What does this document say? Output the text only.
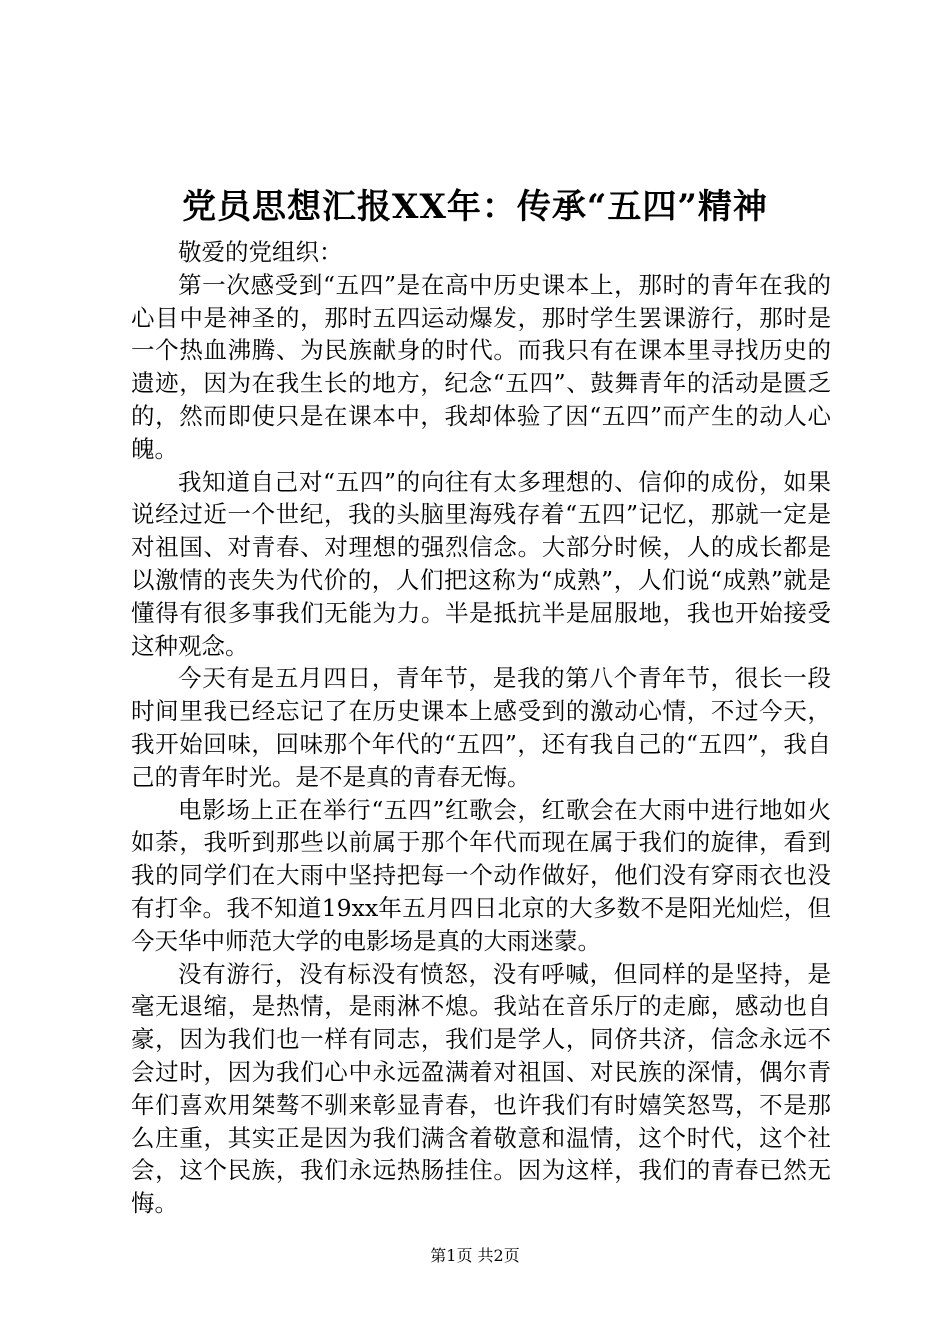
党员思想汇报XX年：传承“五四”精神

敬爱的党组织：

第一次感受到“五四”是在高中历史课本上，那时的青年在我的心目中是神圣的，那时五四运动爆发，那时学生罢课游行，那时是一个热血沸腾、为民族献身的时代。而我只有在课本里寻找历史的遗迹，因为在我生长的地方，纪念“五四”、鼓舞青年的活动是匮乏的，然而即使只是在课本中，我却体验了因“五四”而产生的动人心魄。

我知道自己对“五四”的向往有太多理想的、信仰的成份，如果说经过近一个世纪，我的头脑里海残存着“五四”记忆，那就一定是对祖国、对青春、对理想的强烈信念。大部分时候，人的成长都是以激情的丧失为代价的，人们把这称为“成熟”，人们说“成熟”就是懂得有很多事我们无能为力。半是抵抗半是屈服地，我也开始接受这种观念。

今天有是五月四日，青年节，是我的第八个青年节，很长一段时间里我已经忘记了在历史课本上感受到的激动心情，不过今天，我开始回味，回味那个年代的“五四”，还有我自己的“五四”，我自己的青年时光。是不是真的青春无悔。

电影场上正在举行“五四”红歌会，红歌会在大雨中进行地如火如荼，我听到那些以前属于那个年代而现在属于我们的旋律，看到我的同学们在大雨中坚持把每一个动作做好，他们没有穿雨衣也没有打伞。我不知道19xx年五月四日北京的大多数不是阳光灿烂，但今天华中师范大学的电影场是真的大雨迷蒙。

没有游行，没有标没有愤怒，没有呼喊，但同样的是坚持，是毫无退缩，是热情，是雨淋不熄。我站在音乐厅的走廊，感动也自豪，因为我们也一样有同志，我们是学人，同侪共济，信念永远不会过时，因为我们心中永远盈满着对祖国、对民族的深情，偶尔青年们喜欢用桀骜不驯来彰显青春，也许我们有时嬉笑怒骂，不是那么庄重，其实正是因为我们满含着敬意和温情，这个时代，这个社会，这个民族，我们永远热肠挂住。因为这样，我们的青春已然无悔。

第1页 共2页
